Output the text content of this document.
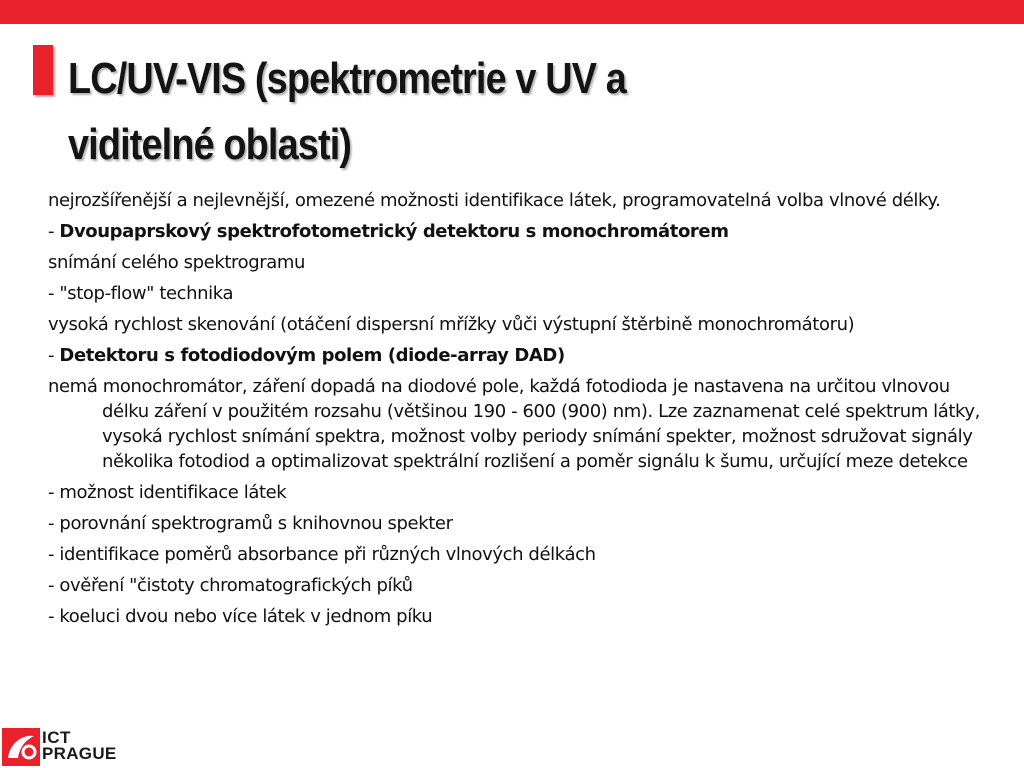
LC/UV-VIS (spektrometrie v UV a
viditelné oblasti)

nejrozšířenější a nejlevnější, omezené možnosti identifikace látek, programovatelná volba vlnové délky.

- Dvoupaprskový spektrofotometrický detektoru s monochromátorem

snímání celého spektrogramu

- "stop-flow" technika

vysoká rychlost skenování (otáčení dispersní mřížky vůči výstupní štěrbině monochromátoru)

- Detektoru s fotodiodovým polem (diode-array DAD)

nemá monochromátor, záření dopadá na diodové pole, každá fotodioda je nastavena na určitou vlnovou délku záření v použitém rozsahu (většinou 190 - 600 (900) nm). Lze zaznamenat celé spektrum látky, vysoká rychlost snímání spektra, možnost volby periody snímání spekter, možnost sdružovat signály několika fotodiod a optimalizovat spektrální rozlišení a poměr signálu k šumu, určující meze detekce

- možnost identifikace látek

- porovnání spektrogramů s knihovnou spekter

- identifikace poměrů absorbance při různých vlnových délkách

- ověření "čistoty chromatografických píků

- koeluci dvou nebo více látek v jednom píku

ICT
PRAGUE
